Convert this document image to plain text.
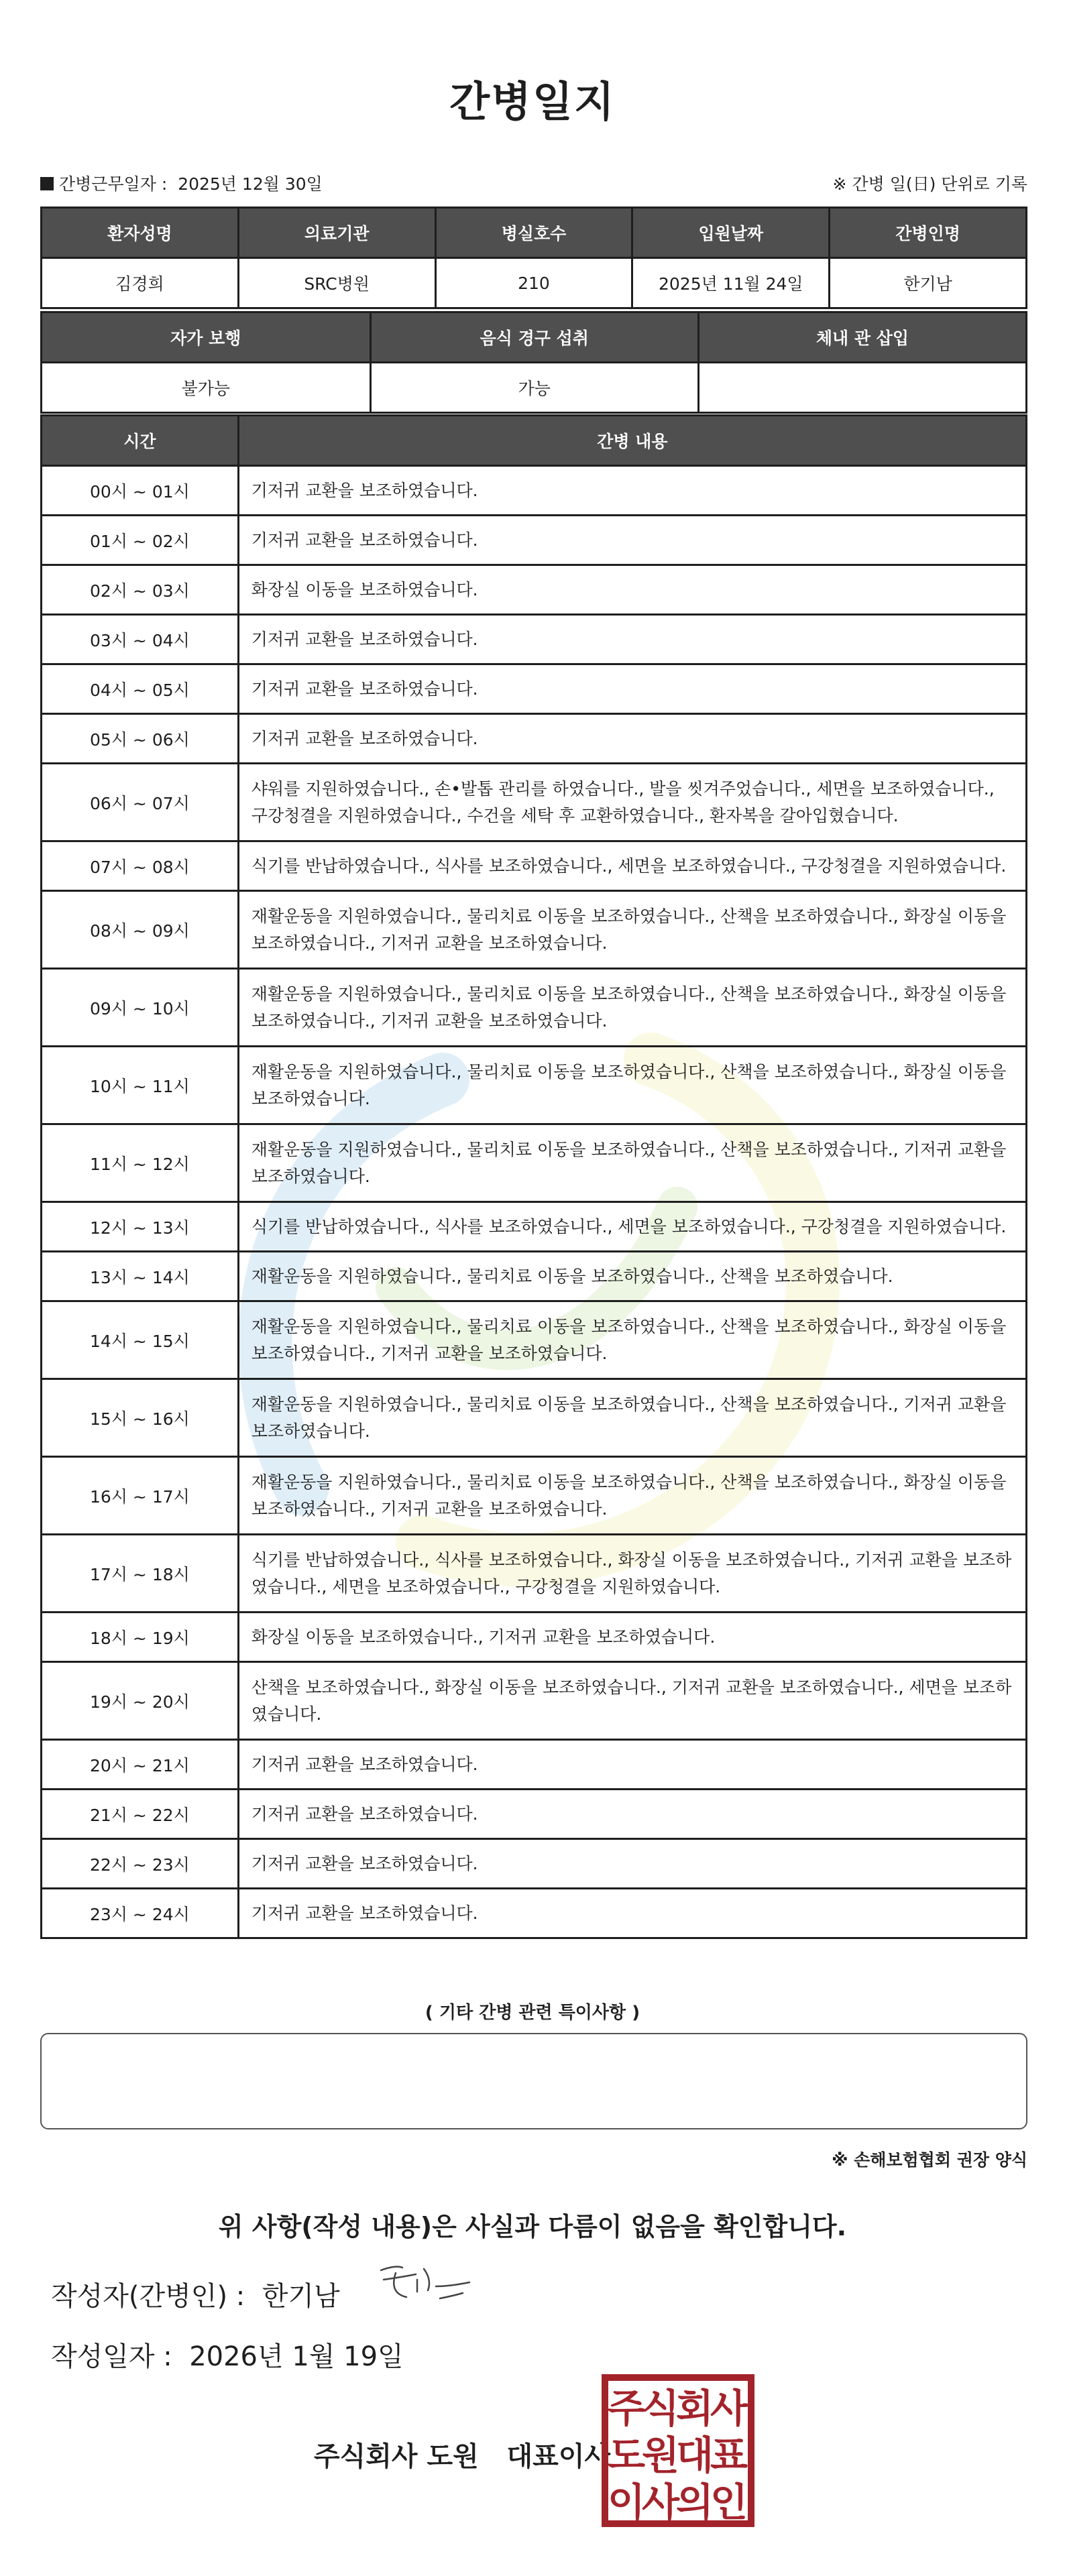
간병일지
간병근무일자 : 2025년 12월 30일	※ 간병 일(日) 단위로 기록
환자성명	의료기관	병실호수	입원날짜	간병인명
김경희	SRC병원	210	2025년 11월 24일	한기남
자가 보행	음식 경구 섭취	체내 관 삽입
불가능	가능	
시간	간병 내용
00시 ~ 01시	기저귀 교환을 보조하였습니다.
01시 ~ 02시	기저귀 교환을 보조하였습니다.
02시 ~ 03시	화장실 이동을 보조하였습니다.
03시 ~ 04시	기저귀 교환을 보조하였습니다.
04시 ~ 05시	기저귀 교환을 보조하였습니다.
05시 ~ 06시	기저귀 교환을 보조하였습니다.
06시 ~ 07시	샤워를 지원하였습니다., 손•발톱 관리를 하였습니다., 발을 씻겨주었습니다., 세면을 보조하였습니다., 구강청결을 지원하였습니다., 수건을 세탁 후 교환하였습니다., 환자복을 갈아입혔습니다.
07시 ~ 08시	식기를 반납하였습니다., 식사를 보조하였습니다., 세면을 보조하였습니다., 구강청결을 지원하였습니다.
08시 ~ 09시	재활운동을 지원하였습니다., 물리치료 이동을 보조하였습니다., 산책을 보조하였습니다., 화장실 이동을 보조하였습니다., 기저귀 교환을 보조하였습니다.
09시 ~ 10시	재활운동을 지원하였습니다., 물리치료 이동을 보조하였습니다., 산책을 보조하였습니다., 화장실 이동을 보조하였습니다., 기저귀 교환을 보조하였습니다.
10시 ~ 11시	재활운동을 지원하였습니다., 물리치료 이동을 보조하였습니다., 산책을 보조하였습니다., 화장실 이동을 보조하였습니다.
11시 ~ 12시	재활운동을 지원하였습니다., 물리치료 이동을 보조하였습니다., 산책을 보조하였습니다., 기저귀 교환을 보조하였습니다.
12시 ~ 13시	식기를 반납하였습니다., 식사를 보조하였습니다., 세면을 보조하였습니다., 구강청결을 지원하였습니다.
13시 ~ 14시	재활운동을 지원하였습니다., 물리치료 이동을 보조하였습니다., 산책을 보조하였습니다.
14시 ~ 15시	재활운동을 지원하였습니다., 물리치료 이동을 보조하였습니다., 산책을 보조하였습니다., 화장실 이동을 보조하였습니다., 기저귀 교환을 보조하였습니다.
15시 ~ 16시	재활운동을 지원하였습니다., 물리치료 이동을 보조하였습니다., 산책을 보조하였습니다., 기저귀 교환을 보조하였습니다.
16시 ~ 17시	재활운동을 지원하였습니다., 물리치료 이동을 보조하였습니다., 산책을 보조하였습니다., 화장실 이동을 보조하였습니다., 기저귀 교환을 보조하였습니다.
17시 ~ 18시	식기를 반납하였습니다., 식사를 보조하였습니다., 화장실 이동을 보조하였습니다., 기저귀 교환을 보조하였습니다., 세면을 보조하였습니다., 구강청결을 지원하였습니다.
18시 ~ 19시	화장실 이동을 보조하였습니다., 기저귀 교환을 보조하였습니다.
19시 ~ 20시	산책을 보조하였습니다., 화장실 이동을 보조하였습니다., 기저귀 교환을 보조하였습니다., 세면을 보조하였습니다.
20시 ~ 21시	기저귀 교환을 보조하였습니다.
21시 ~ 22시	기저귀 교환을 보조하였습니다.
22시 ~ 23시	기저귀 교환을 보조하였습니다.
23시 ~ 24시	기저귀 교환을 보조하였습니다.
( 기타 간병 관련 특이사항 )
※ 손해보험협회 권장 양식
위 사항(작성 내용)은 사실과 다름이 없음을 확인합니다.
작성자(간병인) : 한기남
작성일자 : 2026년 1월 19일
주식회사 도원 대표이사
주
식
회
사
도
원
대
표
이
사
의
인
